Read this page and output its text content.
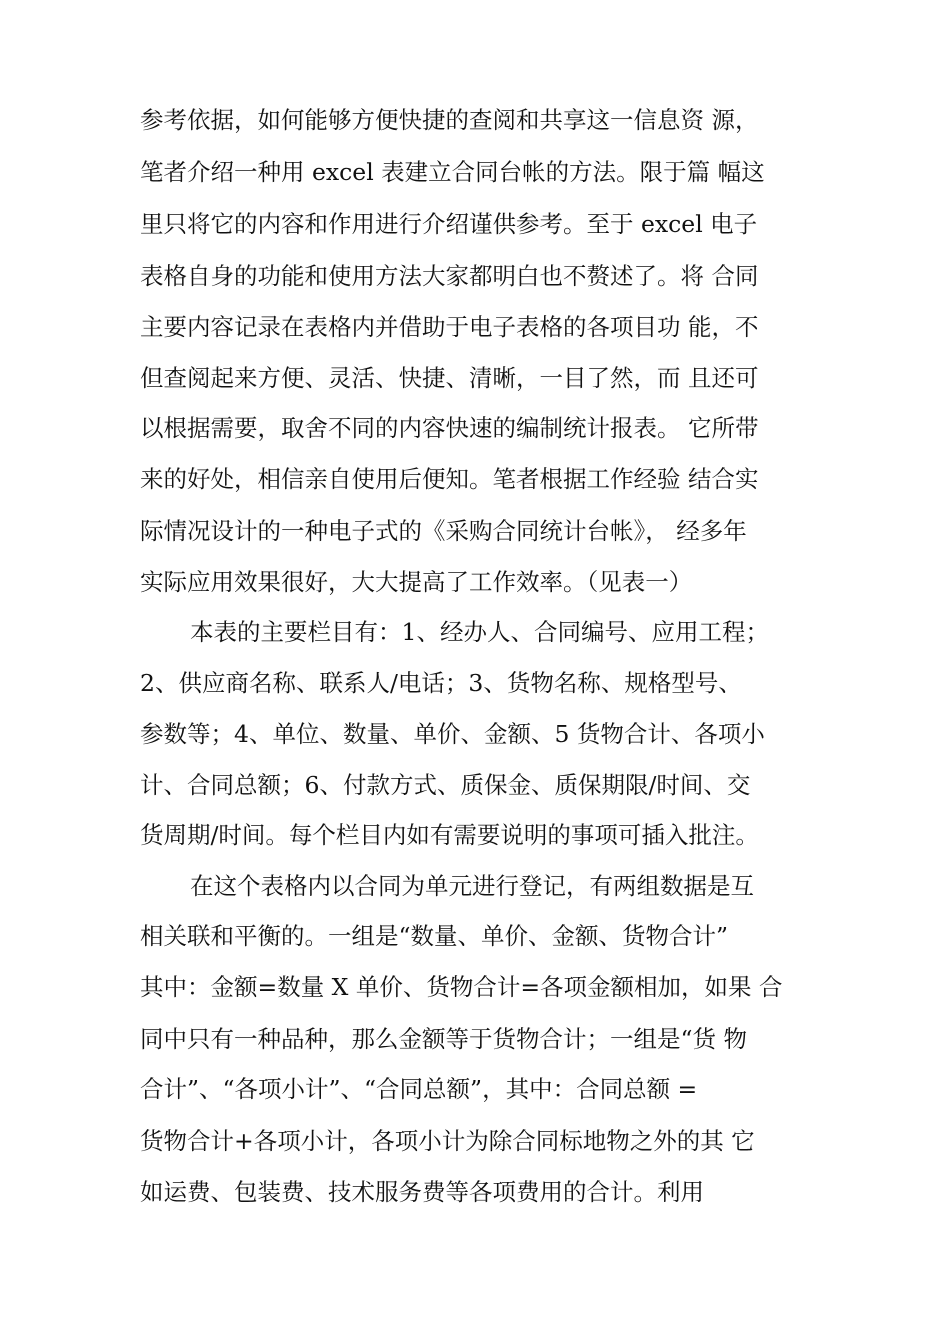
参考依据，如何能够方便快捷的查阅和共享这一信息资 源，
笔者介绍一种用 excel 表建立合同台帐的方法。限于篇 幅这
里只将它的内容和作用进行介绍谨供参考。至于 excel 电子
表格自身的功能和使用方法大家都明白也不赘述了。将 合同
主要内容记录在表格内并借助于电子表格的各项目功 能，不
但查阅起来方便、灵活、快捷、清晰，一目了然，而 且还可
以根据需要，取舍不同的内容快速的编制统计报表。 它所带
来的好处，相信亲自使用后便知。笔者根据工作经验 结合实
际情况设计的一种电子式的《采购合同统计台帐》， 经多年
实际应用效果很好，大大提高了工作效率。（见表一）
本表的主要栏目有：1、经办人、合同编号、应用工程；
2、供应商名称、联系人/电话；3、货物名称、规格型号、
参数等；4、单位、数量、单价、金额、5 货物合计、各项小
计、合同总额；6、付款方式、质保金、质保期限/时间、交
货周期/时间。每个栏目内如有需要说明的事项可插入批注。
在这个表格内以合同为单元进行登记，有两组数据是互
相关联和平衡的。一组是“数量、单价、金额、货物合计”
其中：金额=数量 X 单价、货物合计=各项金额相加，如果 合
同中只有一种品种，那么金额等于货物合计；一组是“货 物
合计”、“各项小计”、“合同总额”，其中：合同总额 =
货物合计+各项小计，各项小计为除合同标地物之外的其 它
如运费、包装费、技术服务费等各项费用的合计。利用
